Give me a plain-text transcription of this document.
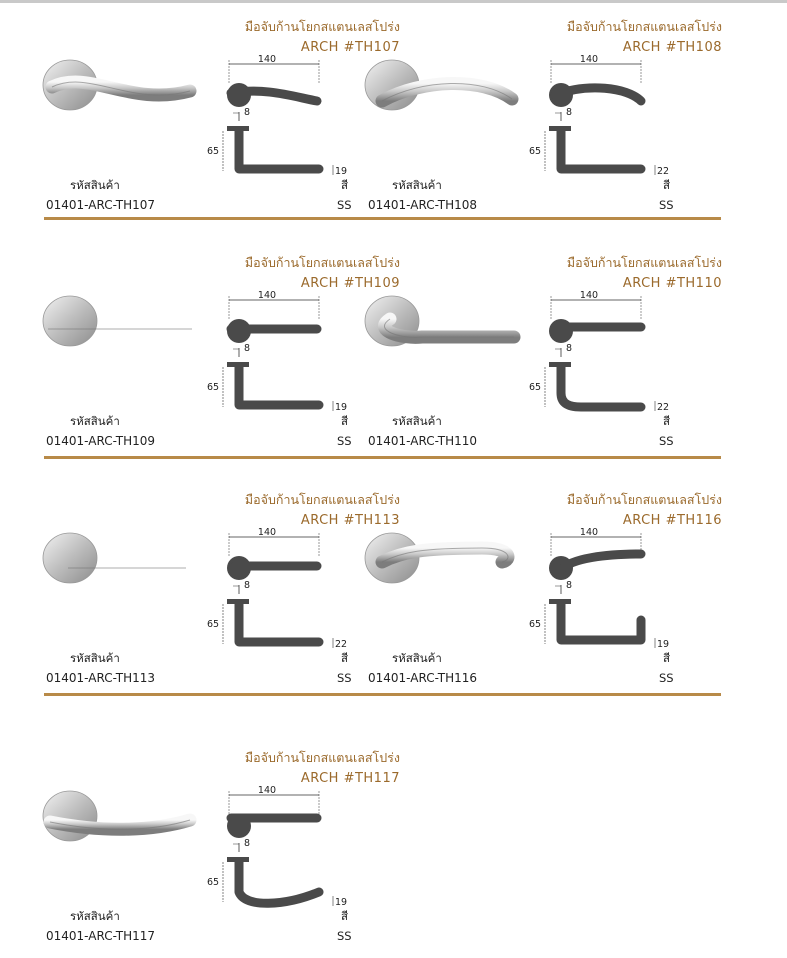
มือจับก้านโยกสแตนเลสโปร่ง
ARCH #TH107
140
8
65
19
รหัสสินค้า	สี
01401-ARC-TH107	SS
มือจับก้านโยกสแตนเลสโปร่ง
ARCH #TH108
140
8
65
22
รหัสสินค้า	สี
01401-ARC-TH108	SS
มือจับก้านโยกสแตนเลสโปร่ง
ARCH #TH109
140
8
65
19
รหัสสินค้า	สี
01401-ARC-TH109	SS
มือจับก้านโยกสแตนเลสโปร่ง
ARCH #TH110
140
8
65
22
รหัสสินค้า	สี
01401-ARC-TH110	SS
มือจับก้านโยกสแตนเลสโปร่ง
ARCH #TH113
140
8
65
22
รหัสสินค้า	สี
01401-ARC-TH113	SS
มือจับก้านโยกสแตนเลสโปร่ง
ARCH #TH116
140
8
65
19
รหัสสินค้า	สี
01401-ARC-TH116	SS
มือจับก้านโยกสแตนเลสโปร่ง
ARCH #TH117
140
8
65
19
รหัสสินค้า	สี
01401-ARC-TH117	SS
